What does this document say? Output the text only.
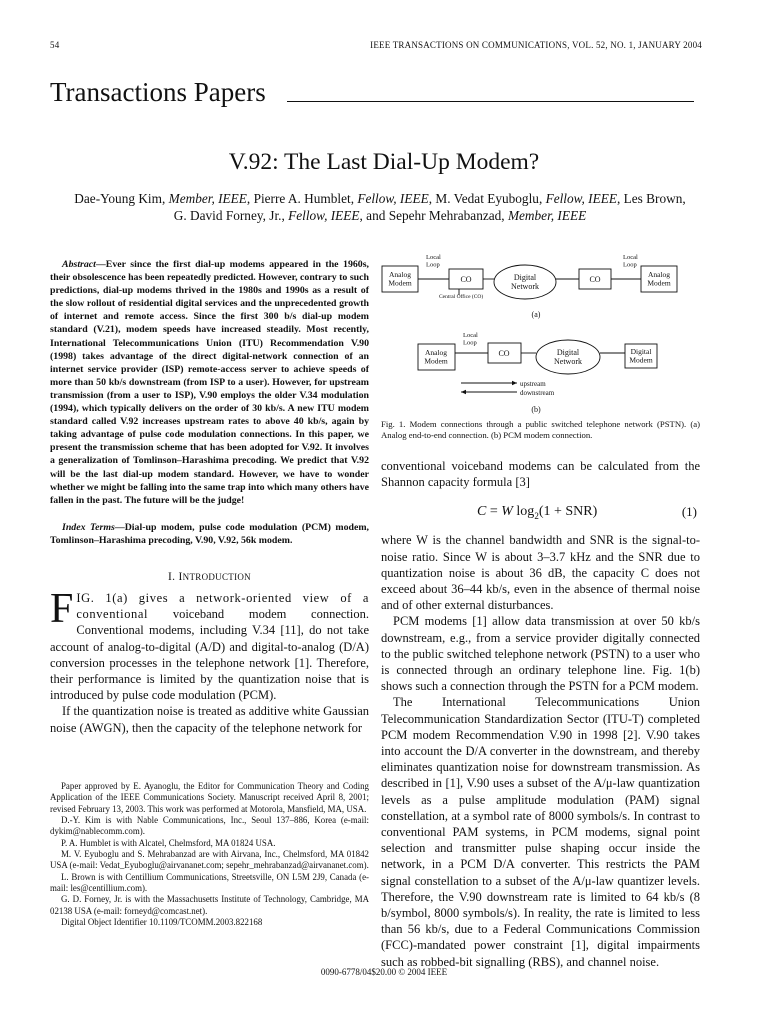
54	IEEE TRANSACTIONS ON COMMUNICATIONS, VOL. 52, NO. 1, JANUARY 2004
Transactions Papers
V.92: The Last Dial-Up Modem?
Dae-Young Kim, Member, IEEE, Pierre A. Humblet, Fellow, IEEE, M. Vedat Eyuboglu, Fellow, IEEE, Les Brown,
G. David Forney, Jr., Fellow, IEEE, and Sepehr Mehrabanzad, Member, IEEE

Abstract—Ever since the first dial-up modems appeared in the 1960s, their obsolescence has been repeatedly predicted. However, contrary to such predictions, dial-up modems thrived in the 1980s and 1990s as a result of the slow rollout of residential digital services and the unprecedented growth of internet and remote access. Since the first 300 b/s dial-up modem standard (V.21), modem speeds have increased steadily. Most recently, International Telecommunications Union (ITU) Recommendation V.90 (1998) takes advantage of the direct digital-network connection of an internet service provider (ISP) remote-access server to achieve speeds of more than 50 kb/s downstream (from ISP to a user). However, for upstream transmission (from a user to ISP), V.90 employs the older V.34 modulation (1994), which typically delivers on the order of 30 kb/s. A new ITU modem standard called V.92 increases upstream rates to above 40 kb/s, again by taking advantage of pulse code modulation connections. In this paper, we present the transmission scheme that has been adopted for V.92. It involves a generalization of Tomlinson–Harashima precoding. We predict that V.92 will be the last dial-up modem standard. However, we have to wonder whether we might be falling into the same trap into which many others have fallen in the past. The future will be the judge!

Index Terms—Dial-up modem, pulse code modulation (PCM) modem, Tomlinson–Harashima precoding, V.90, V.92, 56k modem.

I. INTRODUCTION

FIG. 1(a) gives a network-oriented view of a conventional voiceband modem connection. Conventional modems, including V.34 [11], do not take account of analog-to-digital (A/D) and digital-to-analog (D/A) conversion processes in the telephone network [1]. Therefore, their performance is limited by the quantization noise that is introduced by pulse code modulation (PCM).

If the quantization noise is treated as additive white Gaussian noise (AWGN), then the capacity of the telephone network for

Paper approved by E. Ayanoglu, the Editor for Communication Theory and Coding Application of the IEEE Communications Society. Manuscript received April 8, 2001; revised February 13, 2003. This work was performed at Motorola, Mansfield, MA, USA.

D.-Y. Kim is with Nable Communications, Inc., Seoul 137–886, Korea (e-mail: dykim@nablecomm.com).

P. A. Humblet is with Alcatel, Chelmsford, MA 01824 USA.

M. V. Eyuboglu and S. Mehrabanzad are with Airvana, Inc., Chelmsford, MA 01842 USA (e-mail: Vedat_Eyuboglu@airvananet.com; sepehr_mehrabanzad@airvananet.com).

L. Brown is with Centillium Communications, Streetsville, ON L5M 2J9, Canada (e-mail: les@centillium.com).

G. D. Forney, Jr. is with the Massachusetts Institute of Technology, Cambridge, MA 02138 USA (e-mail: forneyd@comcast.net).

Digital Object Identifier 10.1109/TCOMM.2003.822168

Local Loop
Local Loop
Analog Modem	CO	Digital Network
CO
Analog Modem
Central Office (CO)
(a)
Local Loop
Analog Modem
CO	Digital Network
Digital Modem
upstream
downstream
(b)

Fig. 1. Modem connections through a public switched telephone network (PSTN). (a) Analog end-to-end connection. (b) PCM modem connection.

conventional voiceband modems can be calculated from the Shannon capacity formula [3]

C = W $\log_2(1 + SNR)$	(1)

where W is the channel bandwidth and SNR is the signal-to-noise ratio. Since W is about 3–3.7 kHz and the SNR due to quantization noise is about 36 dB, the capacity C does not exceed about 36–44 kb/s, even in the absence of thermal noise and of other external disturbances.

PCM modems [1] allow data transmission at over 50 kb/s downstream, e.g., from a service provider digitally connected to the public switched telephone network (PSTN) to a user who is connected through an ordinary telephone line. Fig. 1(b) shows such a connection through the PSTN for a PCM modem.

The International Telecommunications Union Telecommunication Standardization Sector (ITU-T) completed PCM modem Recommendation V.90 in 1998 [2]. V.90 takes into account the D/A converter in the downstream, and thereby eliminates quantization noise for downstream transmission. As described in [1], V.90 uses a subset of the A/μ-law quantization levels as a pulse amplitude modulation (PAM) signal constellation, at a symbol rate of 8000 symbols/s. In contrast to conventional PAM systems, in PCM modems, signal point selection and transmitter pulse shaping occur inside the network, in a PCM D/A converter. This restricts the PAM signal constellation to a subset of the A/μ-law quantizer levels. Therefore, the V.90 downstream rate is limited to 64 kb/s (8 b/symbol, 8000 symbols/s). In reality, the rate is limited to less than 56 kb/s, due to a Federal Communications Commission (FCC)-mandated power constraint [1], digital impairments such as robbed-bit signalling (RBS), and channel noise.

0090-6778/04$20.00 © 2004 IEEE
